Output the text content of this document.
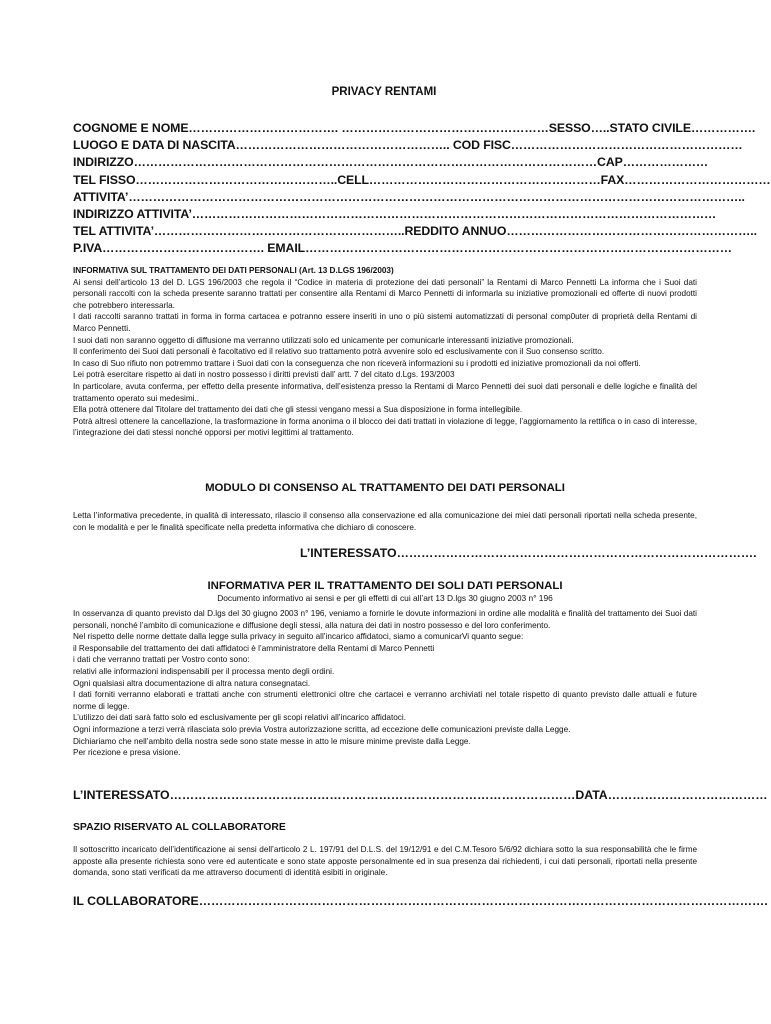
PRIVACY RENTAMI
COGNOME E NOME………………………………. ……………………………………………SESSO…..STATO CIVILE…………….
LUOGO E DATA DI NASCITA…………………………………………….. COD FISC…………………………………………………
INDIRIZZO……………………………………………………………………………………………………CAP…………………
TEL FISSO…………………………………………..CELL…………………………………………………FAX………………………………
ATTIVITA’……………………………………………………………………………………………………………………………………..
INDIRIZZO ATTIVITA’…………………………………………………………………………………………………………………
TEL ATTIVITA’……………………………………………………..REDDITO ANNUO……………………………………………………..
P.IVA…………………………………. EMAIL……………………………………………………………………………………………

INFORMATIVA SUL TRATTAMENTO DEI DATI PERSONALI (Art. 13 D.LGS 196/2003)

Ai sensi dell’articolo 13 del D. LGS 196/2003 che regola il “Codice in materia di protezione dei dati personali” la Rentami di Marco Pennetti La informa che i Suoi dati personali raccolti con la scheda presente saranno trattati per consentire alla Rentami di Marco Pennetti di informarla su iniziative promozionali ed offerte di nuovi prodotti che potrebbero interessarla.

I dati raccolti saranno trattati in forma in forma cartacea e potranno essere inseriti in uno o più sistemi automatizzati di personal comp0uter di proprietà della Rentami di Marco Pennetti.

I suoi dati non saranno oggetto di diffusione ma verranno utilizzati solo ed unicamente per comunicarle interessanti iniziative promozionali.

Il conferimento dei Suoi dati personali è facoltativo ed il relativo suo trattamento potrà avvenire solo ed esclusivamente con il Suo consenso scritto.

In caso di Suo rifiuto non potremmo trattare i Suoi dati con la conseguenza che non riceverà informazioni su i prodotti ed iniziative promozionali da noi offerti.

Lei potrà esercitare rispetto ai dati in nostro possesso i diritti previsti dall’ artt. 7 del citato d.Lgs. 193/2003

In particolare, avuta conferma, per effetto della presente informativa, dell’esistenza presso la Rentami di Marco Pennetti dei suoi dati personali e delle logiche e finalità del trattamento operato sui medesimi..

Ella potrà ottenere dal Titolare del trattamento dei dati che gli stessi vengano messi a Sua disposizione in forma intellegibile.

Potrà altresì ottenere la cancellazione, la trasformazione in forma anonima o il blocco dei dati trattati in violazione di legge, l’aggiornamento la rettifica o in caso di interesse, l’integrazione dei dati stessi nonché opporsi per motivi legittimi al trattamento.

MODULO DI CONSENSO AL TRATTAMENTO DEI DATI PERSONALI

Letta l’informativa precedente, in qualità di interessato, rilascio il consenso alla conservazione ed alla comunicazione dei miei dati personali riportati nella scheda presente, con le modalità e per le finalità specificate nella predetta informativa che dichiaro di conoscere.

L’INTERESSATO…………………………………………………………………………….
INFORMATIVA PER IL TRATTAMENTO DEI SOLI DATI PERSONALI
Documento informativo ai sensi e per gli effetti di cui all’art 13 D.lgs 30 giugno 2003 n° 196

In osservanza di quanto previsto dal D.lgs del 30 giugno 2003 n° 196, veniamo a fornirle le dovute informazioni in ordine alle modalità e finalità del trattamento dei Suoi dati personali, nonché l’ambito di comunicazione e diffusione degli stessi, alla natura dei dati in nostro possesso e del loro conferimento.

Nel rispetto delle norme dettate dalla legge sulla privacy in seguito all’incarico affidatoci, siamo a comunicarVi quanto segue:

il Responsabile del trattamento dei dati affidatoci è l’amministratore della Rentami di Marco Pennetti

i dati che verranno trattati per Vostro conto sono:

relativi alle informazioni indispensabili per il processa mento degli ordini.

Ogni qualsiasi altra documentazione di altra natura consegnataci.

I dati forniti verranno elaborati e trattati anche con strumenti elettronici oltre che cartacei e verranno archiviati nel totale rispetto di quanto previsto dalle attuali e future norme di legge.

L’utilizzo dei dati sarà fatto solo ed esclusivamente per gli scopi relativi all’incarico affidatoci.

Ogni informazione a terzi verrà rilasciata solo previa Vostra autorizzazione scritta, ad eccezione delle comunicazioni previste dalla Legge.

Dichiariamo che nell’ambito della nostra sede sono state messe in atto le misure minime previste dalla Legge.

Per ricezione e presa visione.

L’INTERESSATO………………………………………………………………………………………DATA…………………………………
SPAZIO RISERVATO AL COLLABORATORE

Il sottoscritto incaricato dell’identificazione ai sensi dell’articolo 2 L. 197/91 del D.L.S. del 19/12/91 e del C.M.Tesoro 5/6/92 dichiara sotto la sua responsabilità che le firme apposte alla presente richiesta sono vere ed autenticate e sono state apposte personalmente ed in sua presenza dai richiedenti, i cui dati personali, riportati nella presente domanda, sono stati verificati da me attraverso documenti di identità esibiti in originale.

IL COLLABORATORE………………………………………………………………………………………………………………………….
